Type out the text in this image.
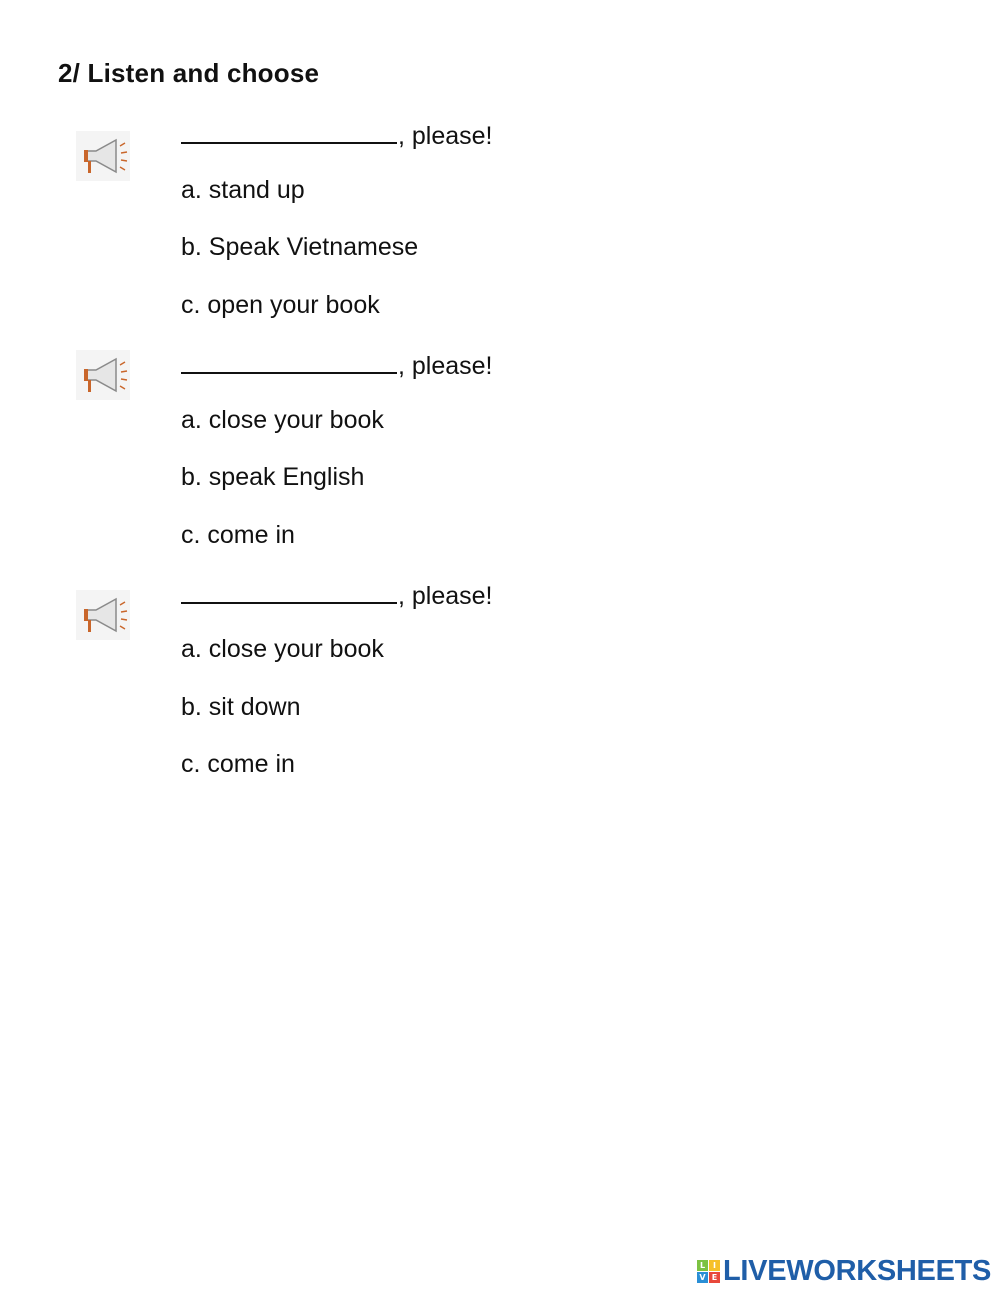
2/ Listen and choose
, please!
a. stand up
b. Speak Vietnamese
c. open your book
, please!
a. close your book
b. speak English
c. come in
, please!
a. close your book
b. sit down
c. come in
L I
V E LIVEWORKSHEETS
